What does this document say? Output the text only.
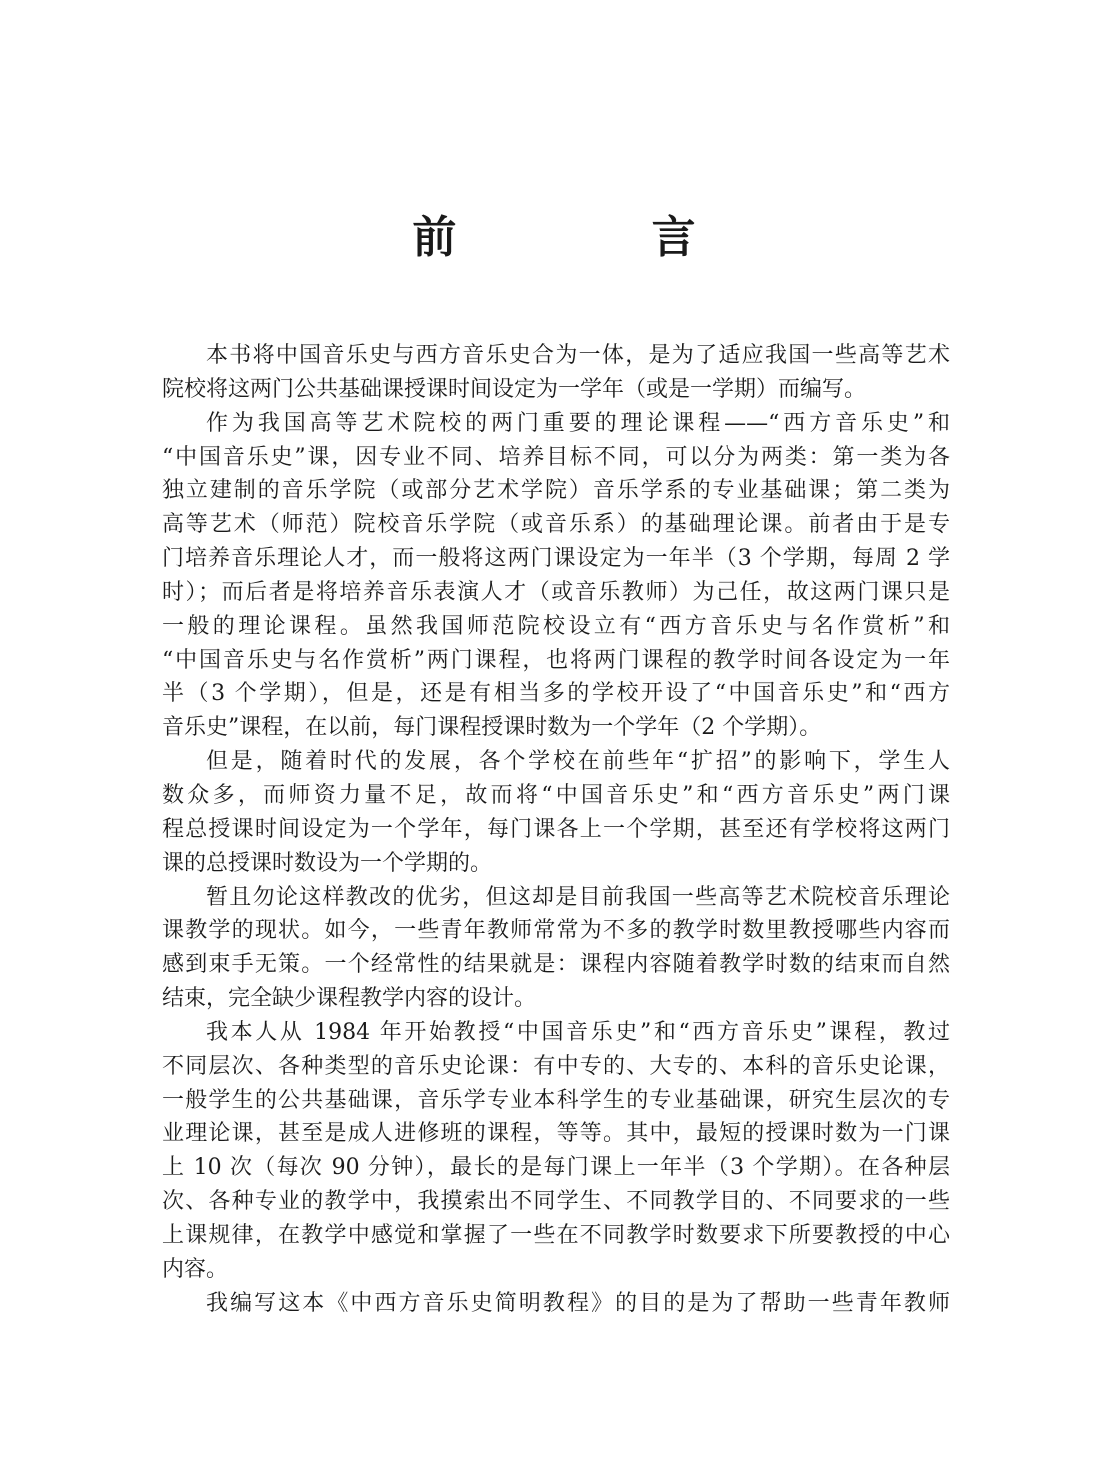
前 言
本书将中国音乐史与西方音乐史合为一体，是为了适应我国一些高等艺术
院校将这两门公共基础课授课时间设定为一学年（或是一学期）而编写。
作为我国高等艺术院校的两门重要的理论课程——“西方音乐史”和
“中国音乐史”课，因专业不同、培养目标不同，可以分为两类：第一类为各
独立建制的音乐学院（或部分艺术学院）音乐学系的专业基础课；第二类为
高等艺术（师范）院校音乐学院（或音乐系）的基础理论课。前者由于是专
门培养音乐理论人才，而一般将这两门课设定为一年半（3 个学期，每周 2 学
时）；而后者是将培养音乐表演人才（或音乐教师）为己任，故这两门课只是
一般的理论课程。虽然我国师范院校设立有“西方音乐史与名作赏析”和
“中国音乐史与名作赏析”两门课程，也将两门课程的教学时间各设定为一年
半（3 个学期），但是，还是有相当多的学校开设了“中国音乐史”和“西方
音乐史”课程，在以前，每门课程授课时数为一个学年（2 个学期）。
但是，随着时代的发展，各个学校在前些年“扩招”的影响下，学生人
数众多，而师资力量不足，故而将“中国音乐史”和“西方音乐史”两门课
程总授课时间设定为一个学年，每门课各上一个学期，甚至还有学校将这两门
课的总授课时数设为一个学期的。
暂且勿论这样教改的优劣，但这却是目前我国一些高等艺术院校音乐理论
课教学的现状。如今，一些青年教师常常为不多的教学时数里教授哪些内容而
感到束手无策。一个经常性的结果就是：课程内容随着教学时数的结束而自然
结束，完全缺少课程教学内容的设计。
我本人从 1984 年开始教授“中国音乐史”和“西方音乐史”课程，教过
不同层次、各种类型的音乐史论课：有中专的、大专的、本科的音乐史论课，
一般学生的公共基础课，音乐学专业本科学生的专业基础课，研究生层次的专
业理论课，甚至是成人进修班的课程，等等。其中，最短的授课时数为一门课
上 10 次（每次 90 分钟），最长的是每门课上一年半（3 个学期）。在各种层
次、各种专业的教学中，我摸索出不同学生、不同教学目的、不同要求的一些
上课规律，在教学中感觉和掌握了一些在不同教学时数要求下所要教授的中心
内容。
我编写这本《中西方音乐史简明教程》的目的是为了帮助一些青年教师
